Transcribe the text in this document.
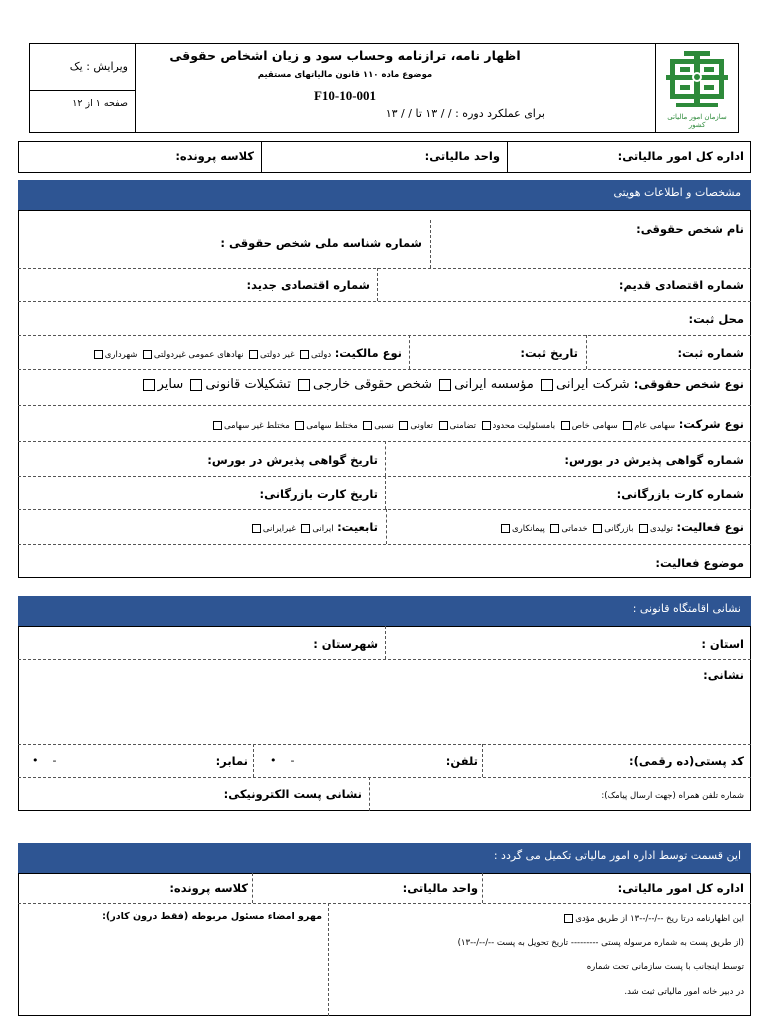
ویرایش : یک
صفحه ۱ از ۱۲
اظهار نامه، ترازنامه وحساب سود و زیان اشخاص حقوقی
موضوع ماده ۱۱۰ قانون مالیاتهای مستقیم
F10-10-001
برای عملکرد دوره : / / ۱۳ تا / / ۱۳	سازمان امور مالیاتی کشور
اداره کل امور مالیاتی:
واحد مالیاتی:
کلاسه پرونده:
مشخصات و اطلاعات هویتی
نام شخص حقوقی:
شماره شناسه ملی شخص حقوقی :
شماره اقتصادی قدیم:
شماره اقتصادی جدید:
محل ثبت:
شماره ثبت:
تاریخ ثبت:
نوع مالکیت: دولتی غیر دولتی نهادهای عمومی غیردولتی شهرداری
نوع شخص حقوقی: شرکت ایرانی مؤسسه ایرانی شخص حقوقی خارجی تشکیلات قانونی سایر
نوع شرکت: سهامی عام سهامی خاص بامسئولیت محدود تضامنی تعاونی نسبی مختلط سهامی مختلط غیر سهامی
شماره گواهی پذیرش در بورس:
تاریخ گواهی پذیرش در بورس:
شماره کارت بازرگانی:
تاریخ کارت بازرگانی:
نوع فعالیت: تولیدی بازرگانی خدماتی پیمانکاری
تابعیت: ایرانی غیرایرانی
موضوع فعالیت:
نشانی اقامتگاه قانونی :
استان :
شهرستان :
نشانی:
کد پستی(ده رقمی):
تلفن:
• -
نمابر:
• -
شماره تلفن همراه (جهت ارسال پیامک):
نشانی پست الکترونیکی:
این قسمت توسط اداره امور مالیاتی تکمیل می گردد :
اداره کل امور مالیاتی:
واحد مالیاتی:
کلاسه پرونده:
مهرو امضاء مسئول مربوطه (فقط درون کادر):	این اظهارنامه درتا ریخ --/--/--۱۳ از طریق مؤدی
(از طریق پست به شماره مرسوله پستی --------- تاریخ تحویل به پست --/--/--۱۳)
توسط اینجانب با پست سازمانی تحت شماره
در دبیر خانه امور مالیاتی ثبت شد.
